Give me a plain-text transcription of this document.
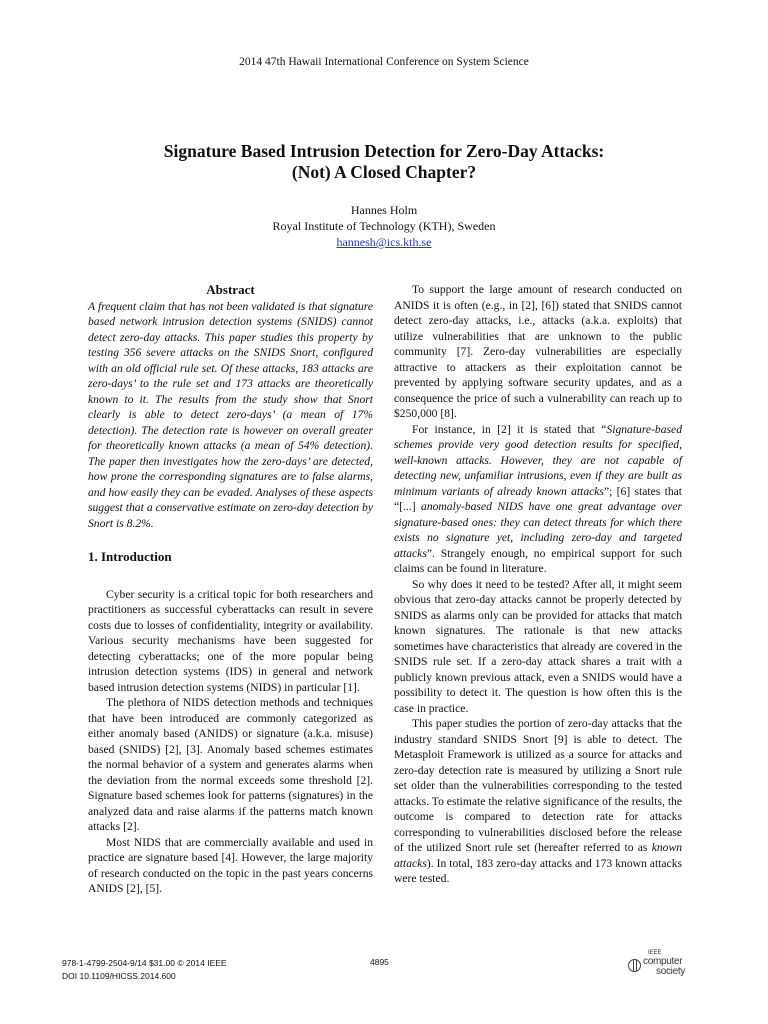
2014 47th Hawaii International Conference on System Science
Signature Based Intrusion Detection for Zero-Day Attacks:
(Not) A Closed Chapter?
Hannes Holm
Royal Institute of Technology (KTH), Sweden
hannesh@ics.kth.se
Abstract

A frequent claim that has not been validated is that signature based network intrusion detection systems (SNIDS) cannot detect zero-day attacks. This paper studies this property by testing 356 severe attacks on the SNIDS Snort, configured with an old official rule set. Of these attacks, 183 attacks are zero-days’ to the rule set and 173 attacks are theoretically known to it. The results from the study show that Snort clearly is able to detect zero-days’ (a mean of 17% detection). The detection rate is however on overall greater for theoretically known attacks (a mean of 54% detection). The paper then investigates how the zero-days’ are detected, how prone the corresponding signatures are to false alarms, and how easily they can be evaded. Analyses of these aspects suggest that a conservative estimate on zero-day detection by Snort is 8.2%.

1. Introduction

Cyber security is a critical topic for both researchers and practitioners as successful cyberattacks can result in severe costs due to losses of confidentiality, integrity or availability. Various security mechanisms have been suggested for detecting cyberattacks; one of the more popular being intrusion detection systems (IDS) in general and network based intrusion detection systems (NIDS) in particular [1].

The plethora of NIDS detection methods and techniques that have been introduced are commonly categorized as either anomaly based (ANIDS) or signature (a.k.a. misuse) based (SNIDS) [2], [3]. Anomaly based schemes estimates the normal behavior of a system and generates alarms when the deviation from the normal exceeds some threshold [2]. Signature based schemes look for patterns (signatures) in the analyzed data and raise alarms if the patterns match known attacks [2].

Most NIDS that are commercially available and used in practice are signature based [4]. However, the large majority of research conducted on the topic in the past years concerns ANIDS [2], [5].

To support the large amount of research conducted on ANIDS it is often (e.g., in [2], [6]) stated that SNIDS cannot detect zero-day attacks, i.e., attacks (a.k.a. exploits) that utilize vulnerabilities that are unknown to the public community [7]. Zero-day vulnerabilities are especially attractive to attackers as their exploitation cannot be prevented by applying software security updates, and as a consequence the price of such a vulnerability can reach up to $250,000 [8].

For instance, in [2] it is stated that “Signature-based schemes provide very good detection results for specified, well-known attacks. However, they are not capable of detecting new, unfamiliar intrusions, even if they are built as minimum variants of already known attacks”; [6] states that “[...] anomaly-based NIDS have one great advantage over signature-based ones: they can detect threats for which there exists no signature yet, including zero-day and targeted attacks”. Strangely enough, no empirical support for such claims can be found in literature.

So why does it need to be tested? After all, it might seem obvious that zero-day attacks cannot be properly detected by SNIDS as alarms only can be provided for attacks that match known signatures. The rationale is that new attacks sometimes have characteristics that already are covered in the SNIDS rule set. If a zero-day attack shares a trait with a publicly known previous attack, even a SNIDS would have a possibility to detect it. The question is how often this is the case in practice.

This paper studies the portion of zero-day attacks that the industry standard SNIDS Snort [9] is able to detect. The Metasploit Framework is utilized as a source for attacks and zero-day detection rate is measured by utilizing a Snort rule set older than the vulnerabilities corresponding to the tested attacks. To estimate the relative significance of the results, the outcome is compared to detection rate for attacks corresponding to vulnerabilities disclosed before the release of the utilized Snort rule set (hereafter referred to as known attacks). In total, 183 zero-day attacks and 173 known attacks were tested.

978-1-4799-2504-9/14 $31.00 © 2014 IEEE
DOI 10.1109/HICSS.2014.600
4895
IEEE
computer
society
